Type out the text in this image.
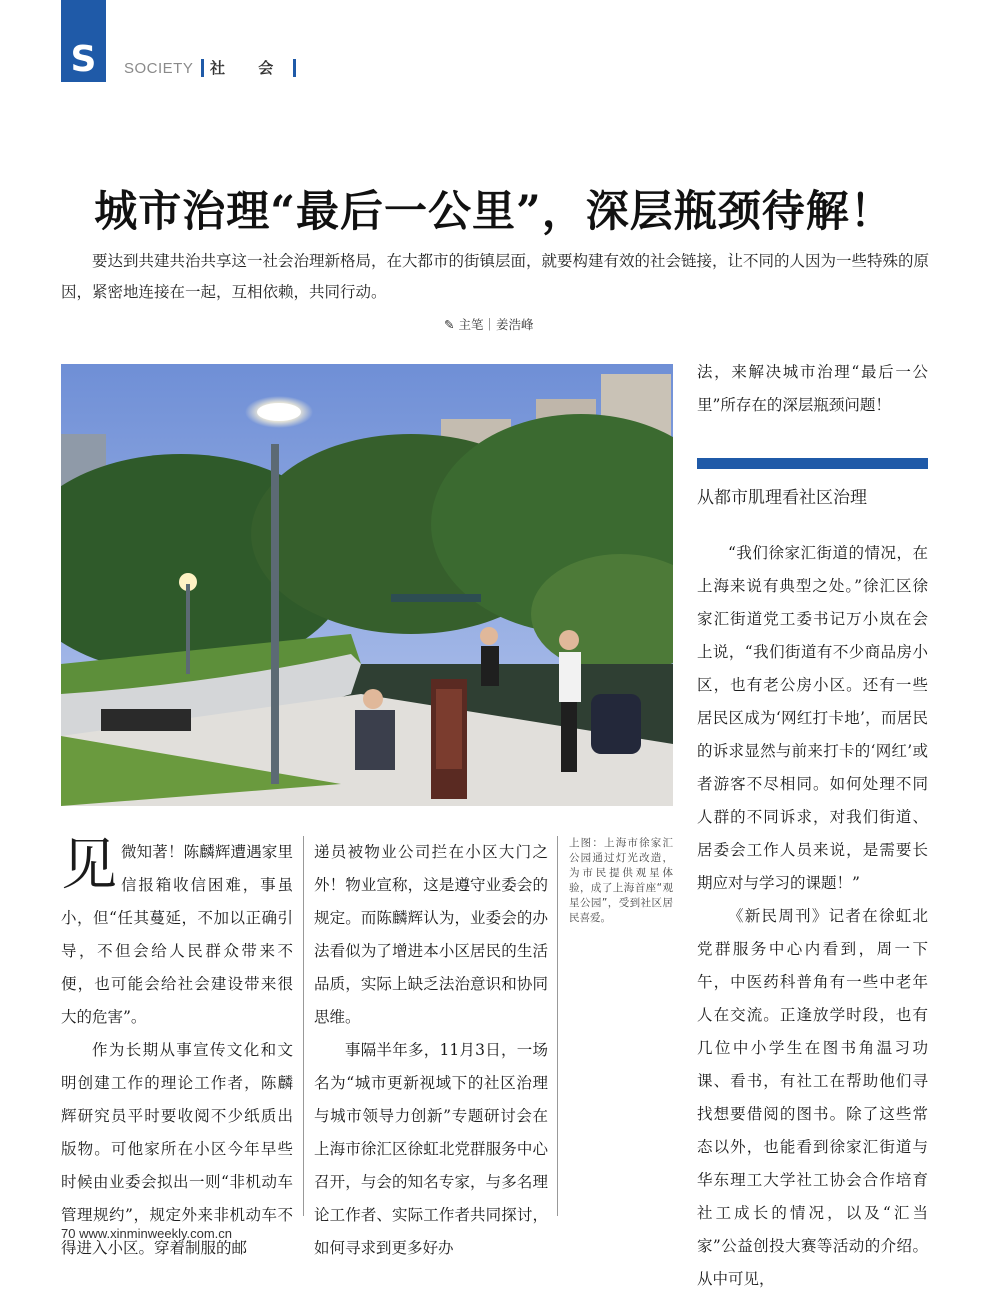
S SOCIETY	社 会
城市治理“最后一公里”，深层瓶颈待解！
要达到共建共治共享这一社会治理新格局，在大都市的街镇层面，就要构建有效的社会链接，让不同的人因为一些特殊的原因，紧密地连接在一起，互相依赖，共同行动。
✎ 主笔｜姜浩峰
上图：上海市徐家汇公园通过灯光改造，为市民提供观星体验，成了上海首座“观星公园”，受到社区居民喜爱。

见微知著！陈麟辉遭遇家里信报箱收信困难，事虽小，但“任其蔓延，不加以正确引导，不但会给人民群众带来不便，也可能会给社会建设带来很大的危害”。

作为长期从事宣传文化和文明创建工作的理论工作者，陈麟辉研究员平时要收阅不少纸质出版物。可他家所在小区今年早些时候由业委会拟出一则“非机动车管理规约”，规定外来非机动车不得进入小区。穿着制服的邮

递员被物业公司拦在小区大门之外！物业宣称，这是遵守业委会的规定。而陈麟辉认为，业委会的办法看似为了增进本小区居民的生活品质，实际上缺乏法治意识和协同思维。

事隔半年多，11月3日，一场名为“城市更新视域下的社区治理与城市领导力创新”专题研讨会在上海市徐汇区徐虹北党群服务中心召开，与会的知名专家，与多名理论工作者、实际工作者共同探讨，如何寻求到更多好办

法，来解决城市治理“最后一公里”所存在的深层瓶颈问题！

从都市肌理看社区治理

“我们徐家汇街道的情况，在上海来说有典型之处。”徐汇区徐家汇街道党工委书记万小岚在会上说，“我们街道有不少商品房小区，也有老公房小区。还有一些居民区成为‘网红打卡地’，而居民的诉求显然与前来打卡的‘网红’或者游客不尽相同。如何处理不同人群的不同诉求，对我们街道、居委会工作人员来说，是需要长期应对与学习的课题！”

《新民周刊》记者在徐虹北党群服务中心内看到，周一下午，中医药科普角有一些中老年人在交流。正逢放学时段，也有几位中小学生在图书角温习功课、看书，有社工在帮助他们寻找想要借阅的图书。除了这些常态以外，也能看到徐家汇街道与华东理工大学社工协会合作培育社工成长的情况，以及“汇当家”公益创投大赛等活动的介绍。从中可见，

70 www.xinminweekly.com.cn
